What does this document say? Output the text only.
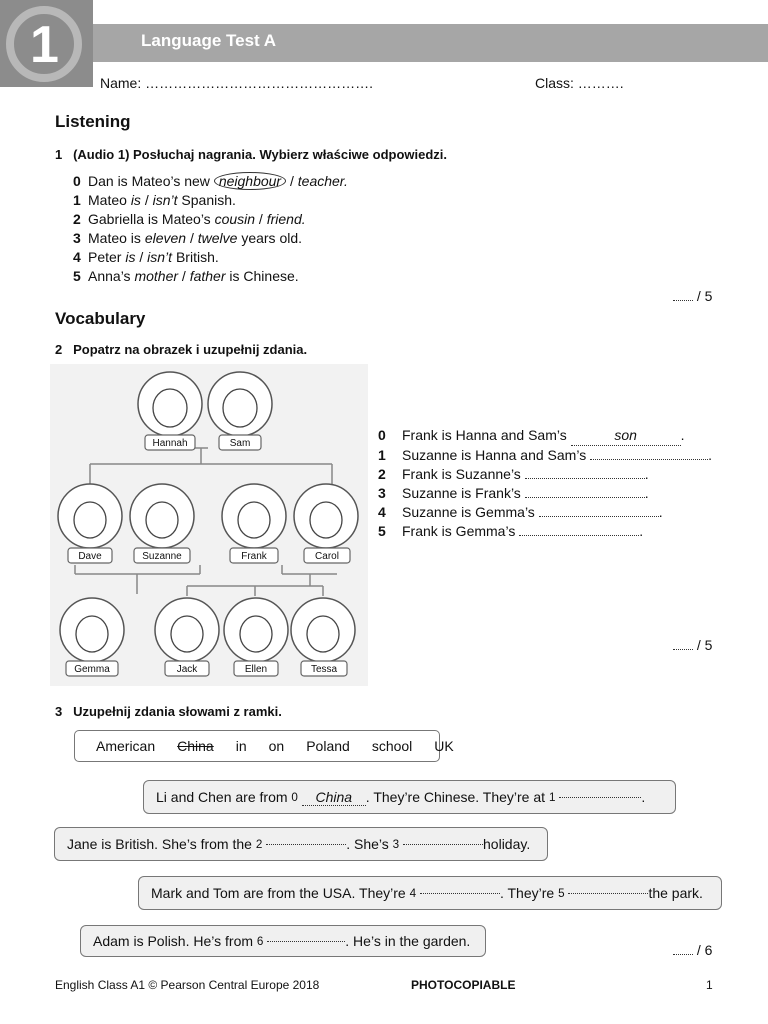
1	Language Test A
Name: ………………………………………….	Class: ……….
Listening
1 (Audio 1) Posłuchaj nagrania. Wybierz właściwe odpowiedzi.
0 Dan is Mateo’s new neighbour / teacher.
1 Mateo is / isn’t Spanish.
2 Gabriella is Mateo’s cousin / friend.
3 Mateo is eleven / twelve years old.
4 Peter is / isn’t British.
5 Anna’s mother / father is Chinese.
/ 5
Vocabulary
2 Popatrz na obrazek i uzupełnij zdania.
Hannah	Sam
Dave	Suzanne	Frank	Carol
Gemma	Jack	Ellen	Tessa
0 Frank is Hanna and Sam’s	son	.
1 Suzanne is Hanna and Sam’s	.
2 Frank is Suzanne’s	.
3 Suzanne is Frank’s	.
4 Suzanne is Gemma’s	.
5 Frank is Gemma’s	.
/ 5
3 Uzupełnij zdania słowami z ramki.
American China in on Poland school UK
Li and Chen are from
0
	China . They’re Chinese. They’re at
1
	.
Jane is British. She’s from the
2
	. She’s
3
	holiday.
Mark and Tom are from the USA. They’re
4
	. They’re
5
	the park.
Adam is Polish. He’s from
6
	. He’s in the garden.
/ 6
English Class A1 © Pearson Central Europe 2018	PHOTOCOPIABLE	1
